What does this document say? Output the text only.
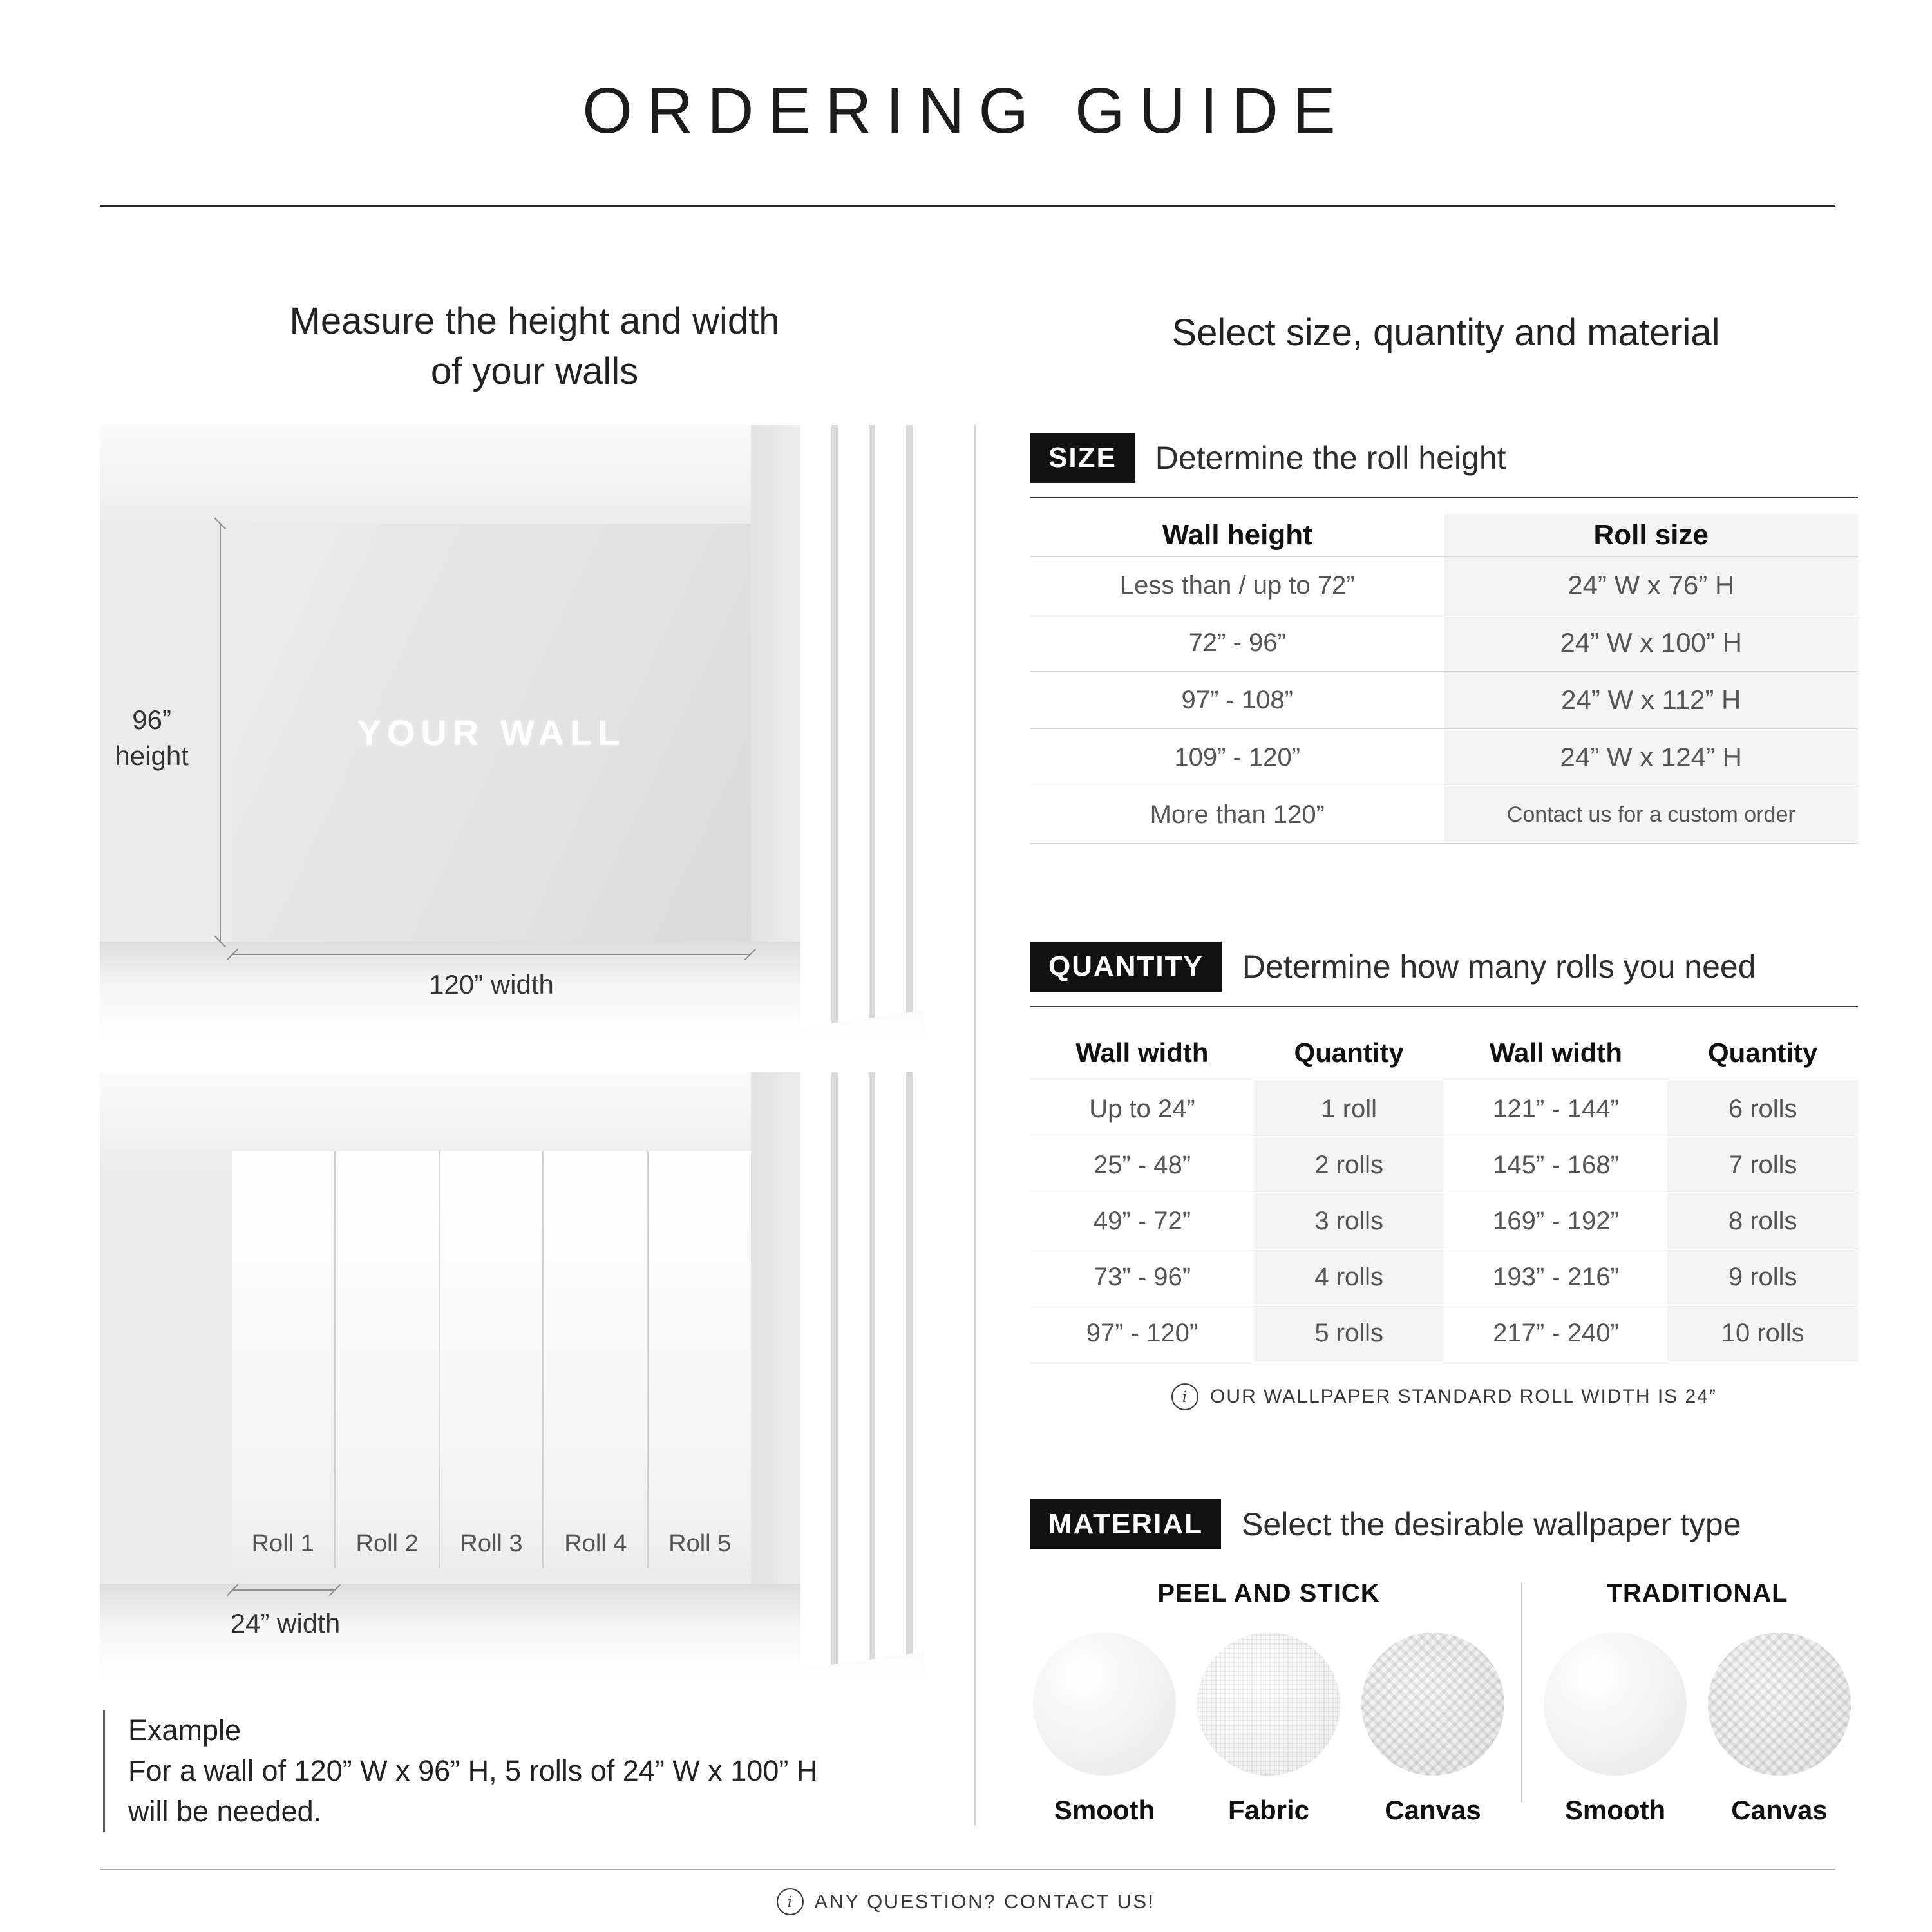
ORDERING GUIDE
Measure the height and width
of your walls
Select size, quantity and material
YOUR WALL
96”
height
120” width
Roll 1 Roll 2 Roll 3 Roll 4 Roll 5
24” width
Example
For a wall of 120” W x 96” H, 5 rolls of 24” W x 100” H
will be needed.
SIZE	Determine the roll height
Wall height	Roll size
Less than / up to 72”	24” W x 76” H
72” - 96”	24” W x 100” H
97” - 108”	24” W x 112” H
109” - 120”	24” W x 124” H
More than 120”	Contact us for a custom order
QUANTITY	Determine how many rolls you need
Wall width	Quantity	Wall width	Quantity
Up to 24”	1 roll	121” - 144”	6 rolls
25” - 48”	2 rolls	145” - 168”	7 rolls
49” - 72”	3 rolls	169” - 192”	8 rolls
73” - 96”	4 rolls	193” - 216”	9 rolls
97” - 120”	5 rolls	217” - 240”	10 rolls
i	OUR WALLPAPER STANDARD ROLL WIDTH IS 24”
MATERIAL	Select the desirable wallpaper type
PEEL AND STICK
Smooth	Fabric	Canvas
TRADITIONAL
Smooth Canvas
i	ANY QUESTION? CONTACT US!
